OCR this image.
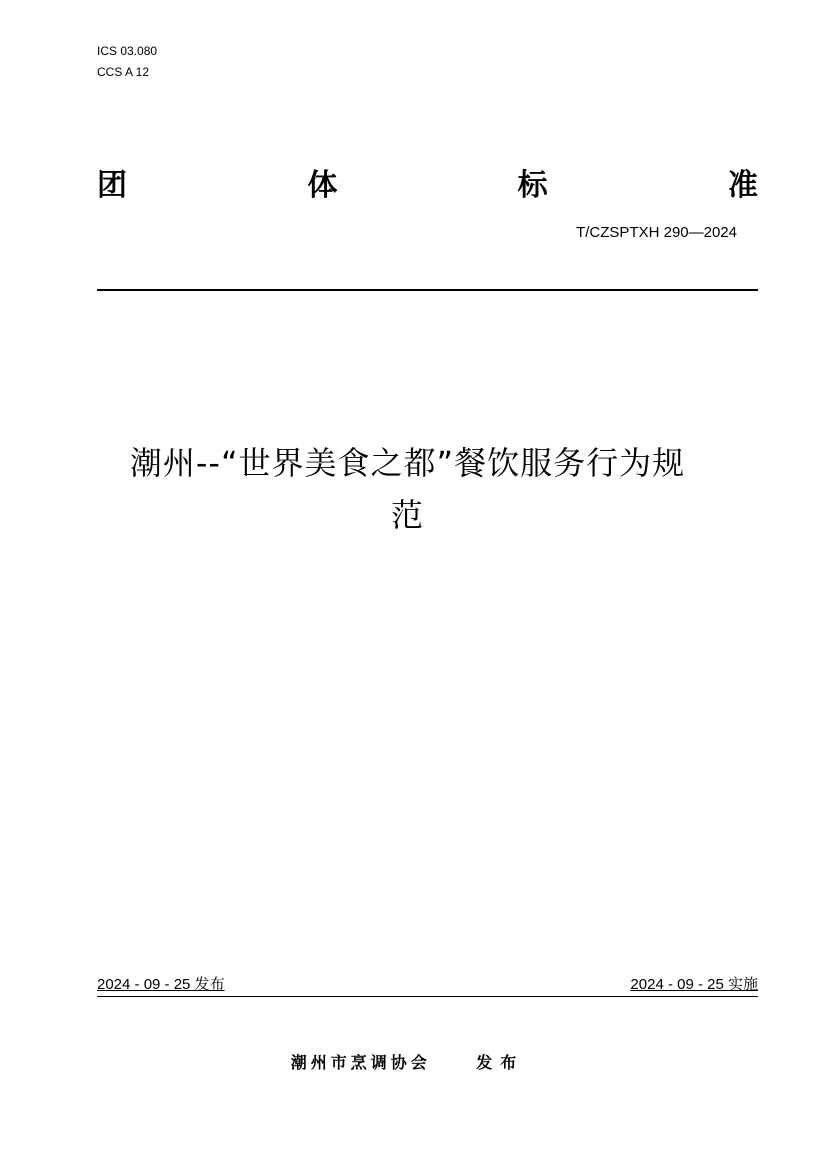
ICS 03.080
CCS A 12
团	体	标	准
T/CZSPTXH 290—2024
潮州--“世界美食之都”餐饮服务行为规
范
2024 - 09 - 25 发布	2024 - 09 - 25 实施
潮州市烹调协会	发布
